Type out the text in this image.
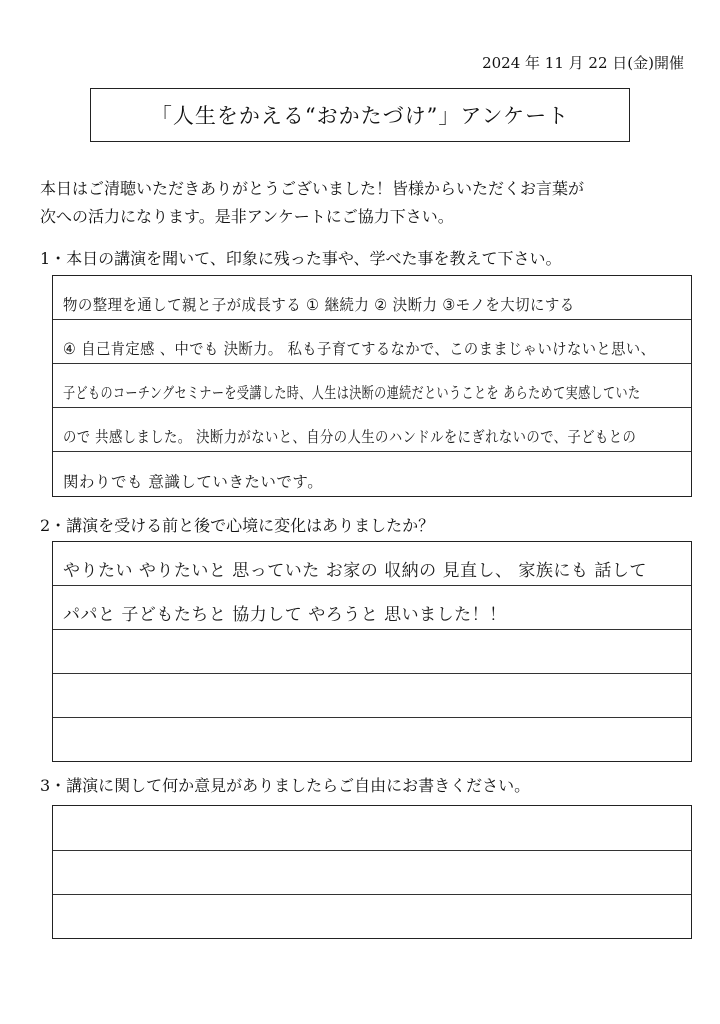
2024 年 11 月 22 日(金)開催
「人生をかえる“おかたづけ”」アンケート
本日はご清聴いただきありがとうございました！皆様からいただくお言葉が
次への活力になります。是非アンケートにご協力下さい。
1・本日の講演を聞いて、印象に残った事や、学べた事を教えて下さい。
物の整理を通して親と子が成長する ① 継続力 ② 決断力 ③モノを大切にする
④ 自己肯定感 、中でも 決断力。 私も子育てするなかで、このままじゃいけないと思い、
子どものコーチングセミナーを受講した時、人生は決断の連続だということを あらためて実感していた
ので 共感しました。 決断力がないと、自分の人生のハンドルをにぎれないので、子どもとの
関わりでも 意識していきたいです。
2・講演を受ける前と後で心境に変化はありましたか？
やりたい やりたいと 思っていた お家の 収納の 見直し、 家族にも 話して
パパと 子どもたちと 協力して やろうと 思いました！！
3・講演に関して何か意見がありましたらご自由にお書きください。
